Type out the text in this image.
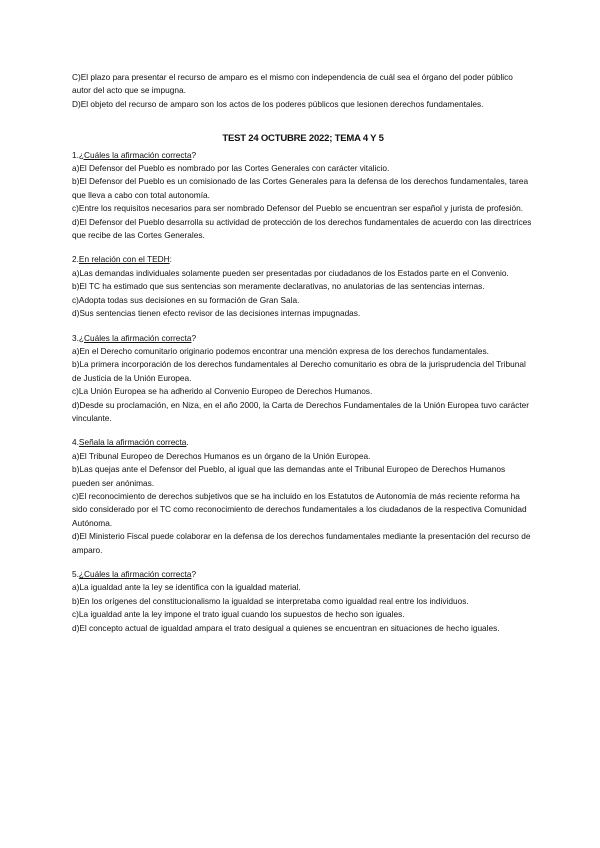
C)El plazo para presentar el recurso de amparo es el mismo con independencia de cuál sea el órgano del poder público autor del acto que se impugna.

D)El objeto del recurso de amparo son los actos de los poderes públicos que lesionen derechos fundamentales.

TEST 24 OCTUBRE 2022; TEMA 4 Y 5

1.¿Cuáles la afirmación correcta?

a)El Defensor del Pueblo es nombrado por las Cortes Generales con carácter vitalicio.

b)El Defensor del Pueblo es un comisionado de las Cortes Generales para la defensa de los derechos fundamentales, tarea que lleva a cabo con total autonomía.

c)Entre los requisitos necesarios para ser nombrado Defensor del Pueblo se encuentran ser español y jurista de profesión.

d)El Defensor del Pueblo desarrolla su actividad de protección de los derechos fundamentales de acuerdo con las directrices que recibe de las Cortes Generales.

2.En relación con el TEDH:

a)Las demandas individuales solamente pueden ser presentadas por ciudadanos de los Estados parte en el Convenio.

b)El TC ha estimado que sus sentencias son meramente declarativas, no anulatorias de las sentencias internas.

c)Adopta todas sus decisiones en su formación de Gran Sala.

d)Sus sentencias tienen efecto revisor de las decisiones internas impugnadas.

3.¿Cuáles la afirmación correcta?

a)En el Derecho comunitario originario podemos encontrar una mención expresa de los derechos fundamentales.

b)La primera incorporación de los derechos fundamentales al Derecho comunitario es obra de la jurisprudencia del Tribunal de Justicia de la Unión Europea.

c)La Unión Europea se ha adherido al Convenio Europeo de Derechos Humanos.

d)Desde su proclamación, en Niza, en el año 2000, la Carta de Derechos Fundamentales de la Unión Europea tuvo carácter vinculante.

4.Señala la afirmación correcta.

a)El Tribunal Europeo de Derechos Humanos es un órgano de la Unión Europea.

b)Las quejas ante el Defensor del Pueblo, al igual que las demandas ante el Tribunal Europeo de Derechos Humanos pueden ser anónimas.

c)El reconocimiento de derechos subjetivos que se ha incluido en los Estatutos de Autonomía de más reciente reforma ha sido considerado por el TC como reconocimiento de derechos fundamentales a los ciudadanos de la respectiva Comunidad Autónoma.

d)El Ministerio Fiscal puede colaborar en la defensa de los derechos fundamentales mediante la presentación del recurso de amparo.

5.¿Cuáles la afirmación correcta?

a)La igualdad ante la ley se identifica con la igualdad material.

b)En los orígenes del constitucionalismo la igualdad se interpretaba como igualdad real entre los individuos.

c)La igualdad ante la ley impone el trato igual cuando los supuestos de hecho son iguales.

d)El concepto actual de igualdad ampara el trato desigual a quienes se encuentran en situaciones de hecho iguales.
